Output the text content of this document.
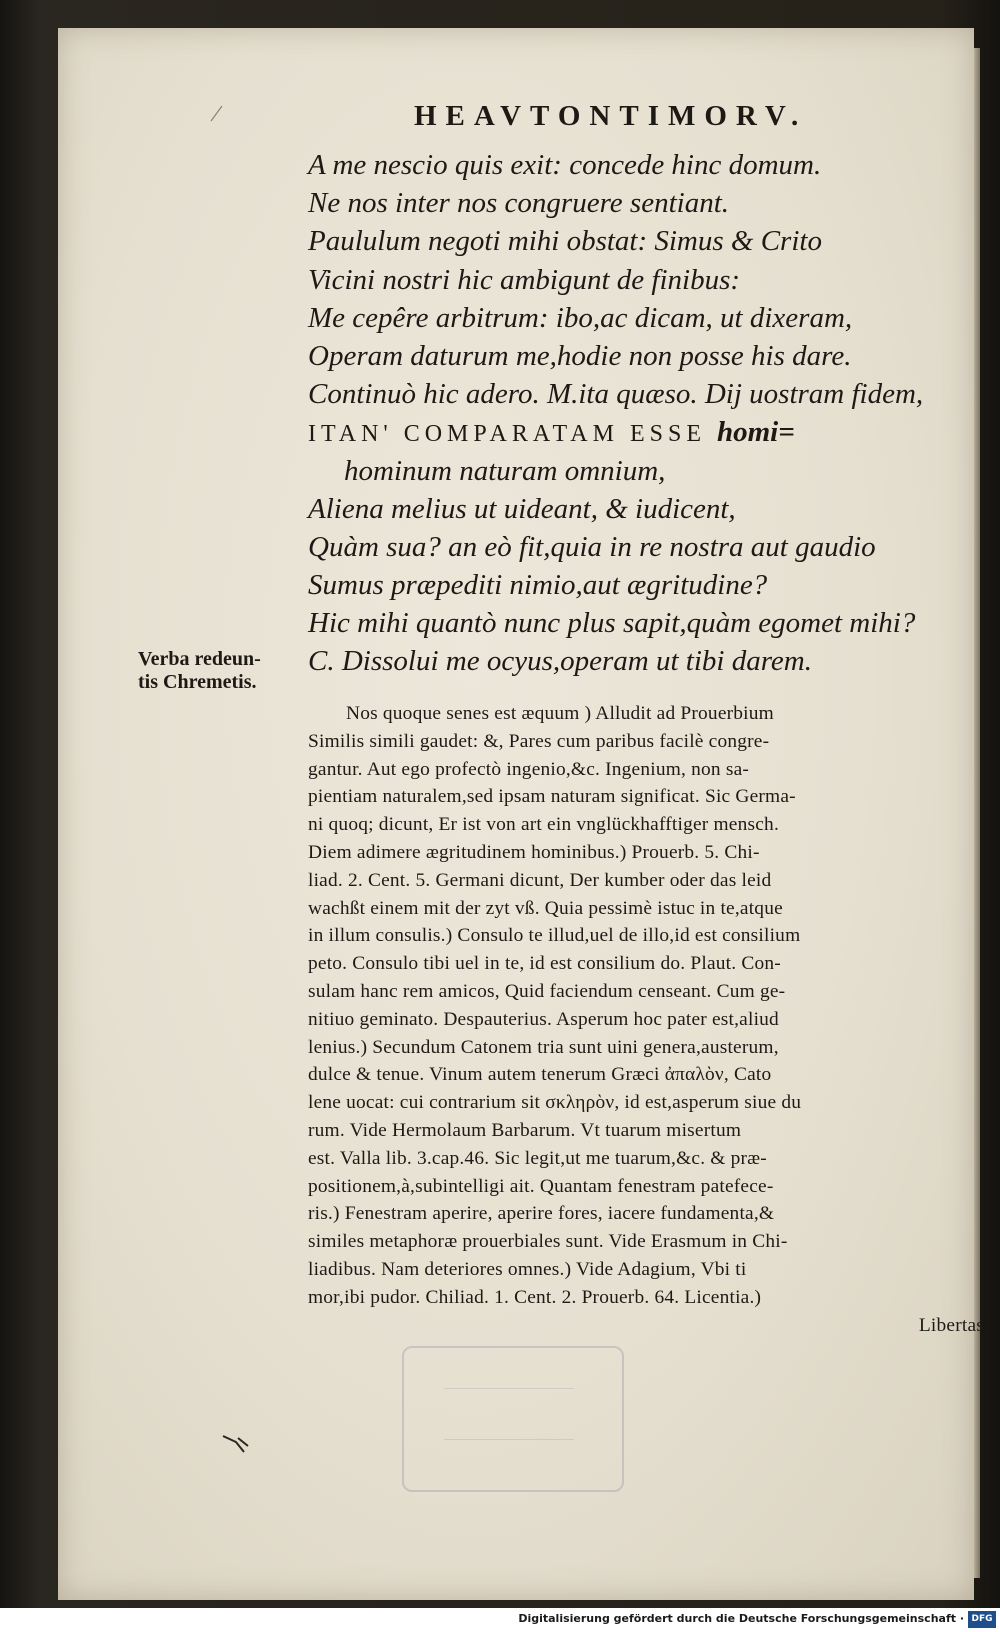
HEAVTONTIMORV.
A me nescio quis exit: concede hinc domum.
Ne nos inter nos congruere sentiant.
Paululum negoti mihi obstat: Simus & Crito
Vicini nostri hic ambigunt de finibus:
Me cepêre arbitrum: ibo,ac dicam, ut dixeram,
Operam daturum me,hodie non posse his dare.
Continuò hic adero. M.ita quæso. Dij uostram fidem,
ITAN' COMPARATAM ESSE homi=
hominum naturam omnium,
Aliena melius ut uideant, & iudicent,
Quàm sua? an eò fit,quia in re nostra aut gaudio
Sumus præpediti nimio,aut ægritudine?
Hic mihi quantò nunc plus sapit,quàm egomet mihi?
C. Dissolui me ocyus,operam ut tibi darem.
Verba redeun-
tis Chremetis.
Nos quoque senes est æquum ) Alludit ad Prouerbium
Similis simili gaudet: &, Pares cum paribus facilè congre-
gantur. Aut ego profectò ingenio,&c. Ingenium, non sa-
pientiam naturalem,sed ipsam naturam significat. Sic Germa-
ni quoq; dicunt, Er ist von art ein vnglückhafftiger mensch.
Diem adimere ægritudinem hominibus.) Prouerb. 5. Chi-
liad. 2. Cent. 5. Germani dicunt, Der kumber oder das leid
wachßt einem mit der zyt vß. Quia pessimè istuc in te,atque
in illum consulis.) Consulo te illud,uel de illo,id est consilium
peto. Consulo tibi uel in te, id est consilium do. Plaut. Con-
sulam hanc rem amicos, Quid faciendum censeant. Cum ge-
nitiuo geminato. Despauterius. Asperum hoc pater est,aliud
lenius.) Secundum Catonem tria sunt uini genera,austerum,
dulce & tenue. Vinum autem tenerum Græci ἀπαλὸν, Cato
lene uocat: cui contrarium sit σκληρὸν, id est,asperum siue du
rum. Vide Hermolaum Barbarum. Vt tuarum misertum
est. Valla lib. 3.cap.46. Sic legit,ut me tuarum,&c. & præ-
positionem,à,subintelligi ait. Quantam fenestram patefece-
ris.) Fenestram aperire, aperire fores, iacere fundamenta,&
similes metaphoræ prouerbiales sunt. Vide Erasmum in Chi-
liadibus. Nam deteriores omnes.) Vide Adagium, Vbi ti
mor,ibi pudor. Chiliad. 1. Cent. 2. Prouerb. 64. Licentia.)
Libertas
Digitalisierung gefördert durch die Deutsche Forschungsgemeinschaft · DFG
